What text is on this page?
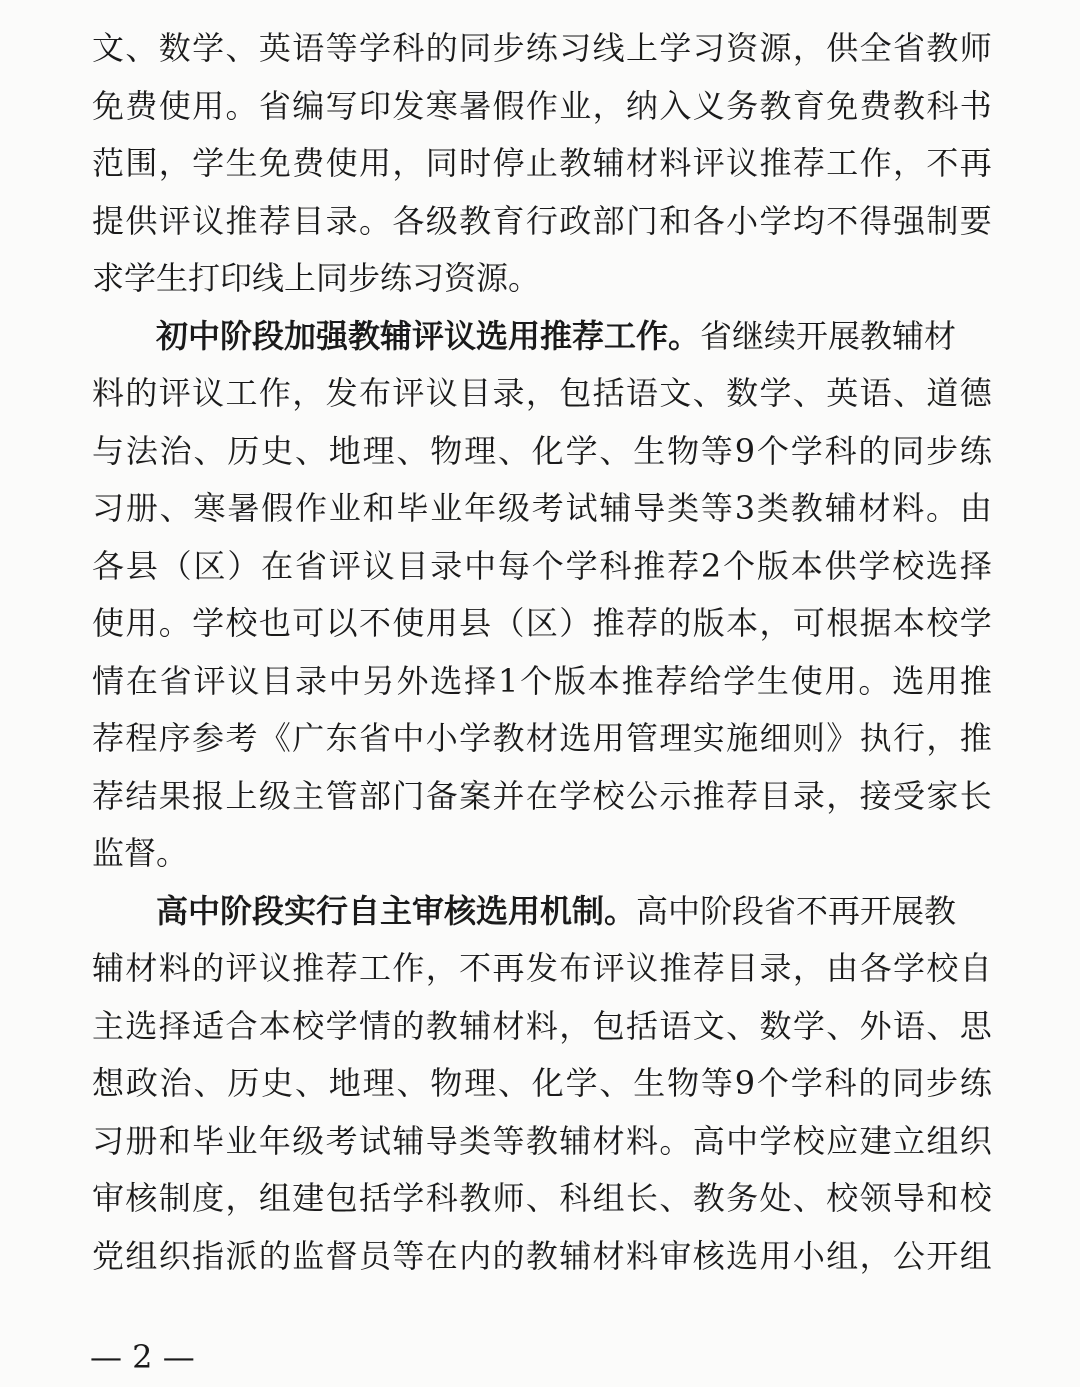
文 、 数 学 、 英 语 等 学 科 的 同 步 练 习 线 上 学 习 资 源 ， 供 全 省 教 师
免 费 使 用 。 省 编 写 印 发 寒 暑 假 作 业 ， 纳 入 义 务 教 育 免 费 教 科 书
范 围 ， 学 生 免 费 使 用 ， 同 时 停 止 教 辅 材 料 评 议 推 荐 工 作 ， 不 再
提 供 评 议 推 荐 目 录 。 各 级 教 育 行 政 部 门 和 各 小 学 均 不 得 强 制 要
求学生打印线上同步练习资源。
初中阶段加强教辅评议选用推荐工作。 省继续开展教辅材
料 的 评 议 工 作 ， 发 布 评 议 目 录 ， 包 括 语 文 、 数 学 、 英 语 、 道 德
与 法 治 、 历 史 、 地 理 、 物 理 、 化 学 、 生 物 等 9 个 学 科 的 同 步 练
习 册 、 寒 暑 假 作 业 和 毕 业 年 级 考 试 辅 导 类 等 3 类 教 辅 材 料 。 由
各 县 （ 区 ） 在 省 评 议 目 录 中 每 个 学 科 推 荐 2 个 版 本 供 学 校 选 择
使 用 。 学 校 也 可 以 不 使 用 县 （ 区 ） 推 荐 的 版 本 ， 可 根 据 本 校 学
情 在 省 评 议 目 录 中 另 外 选 择 1 个 版 本 推 荐 给 学 生 使 用 。 选 用 推
荐 程 序 参 考 《 广 东 省 中 小 学 教 材 选 用 管 理 实 施 细 则 》 执 行 ， 推
荐 结 果 报 上 级 主 管 部 门 备 案 并 在 学 校 公 示 推 荐 目 录 ， 接 受 家 长
监督。
高中阶段实行自主审核选用机制。 高中阶段省不再开展教
辅 材 料 的 评 议 推 荐 工 作 ， 不 再 发 布 评 议 推 荐 目 录 ， 由 各 学 校 自
主 选 择 适 合 本 校 学 情 的 教 辅 材 料 ， 包 括 语 文 、 数 学 、 外 语 、 思
想 政 治 、 历 史 、 地 理 、 物 理 、 化 学 、 生 物 等 9 个 学 科 的 同 步 练
习 册 和 毕 业 年 级 考 试 辅 导 类 等 教 辅 材 料 。 高 中 学 校 应 建 立 组 织
审 核 制 度 ， 组 建 包 括 学 科 教 师 、 科 组 长 、 教 务 处 、 校 领 导 和 校
党 组 织 指 派 的 监 督 员 等 在 内 的 教 辅 材 料 审 核 选 用 小 组 ， 公 开 组
— 2 —
